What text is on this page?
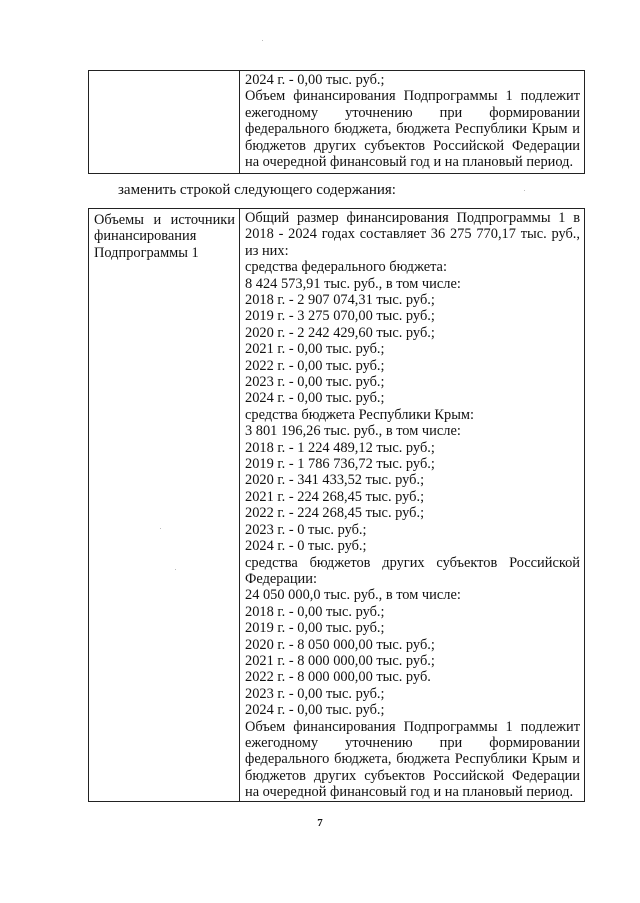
2024 г. - 0,00 тыс. руб.;
Объем финансирования Подпрограммы 1 подлежит
ежегодному уточнению при формировании
федерального бюджета, бюджета Республики Крым и
бюджетов других субъектов Российской Федерации
на очередной финансовый год и на плановый период.
заменить строкой следующего содержания:
Объемы и источники
финансирования
Подпрограммы 1

Общий размер финансирования Подпрограммы 1 в
2018 - 2024 годах составляет 36 275 770,17 тыс. руб.,
из них:
средства федерального бюджета:
8 424 573,91 тыс. руб., в том числе:
2018 г. - 2 907 074,31 тыс. руб.;
2019 г. - 3 275 070,00 тыс. руб.;
2020 г. - 2 242 429,60 тыс. руб.;
2021 г. - 0,00 тыс. руб.;
2022 г. - 0,00 тыс. руб.;
2023 г. - 0,00 тыс. руб.;
2024 г. - 0,00 тыс. руб.;
средства бюджета Республики Крым:
3 801 196,26 тыс. руб., в том числе:
2018 г. - 1 224 489,12 тыс. руб.;
2019 г. - 1 786 736,72 тыс. руб.;
2020 г. - 341 433,52 тыс. руб.;
2021 г. - 224 268,45 тыс. руб.;
2022 г. - 224 268,45 тыс. руб.;
2023 г. - 0 тыс. руб.;
2024 г. - 0 тыс. руб.;
средства бюджетов других субъектов Российской
Федерации:
24 050 000,0 тыс. руб., в том числе:
2018 г. - 0,00 тыс. руб.;
2019 г. - 0,00 тыс. руб.;
2020 г. - 8 050 000,00 тыс. руб.;
2021 г. - 8 000 000,00 тыс. руб.;
2022 г. - 8 000 000,00 тыс. руб.
2023 г. - 0,00 тыс. руб.;
2024 г. - 0,00 тыс. руб.;
Объем финансирования Подпрограммы 1 подлежит
ежегодному уточнению при формировании
федерального бюджета, бюджета Республики Крым и
бюджетов других субъектов Российской Федерации
на очередной финансовый год и на плановый период.
7
